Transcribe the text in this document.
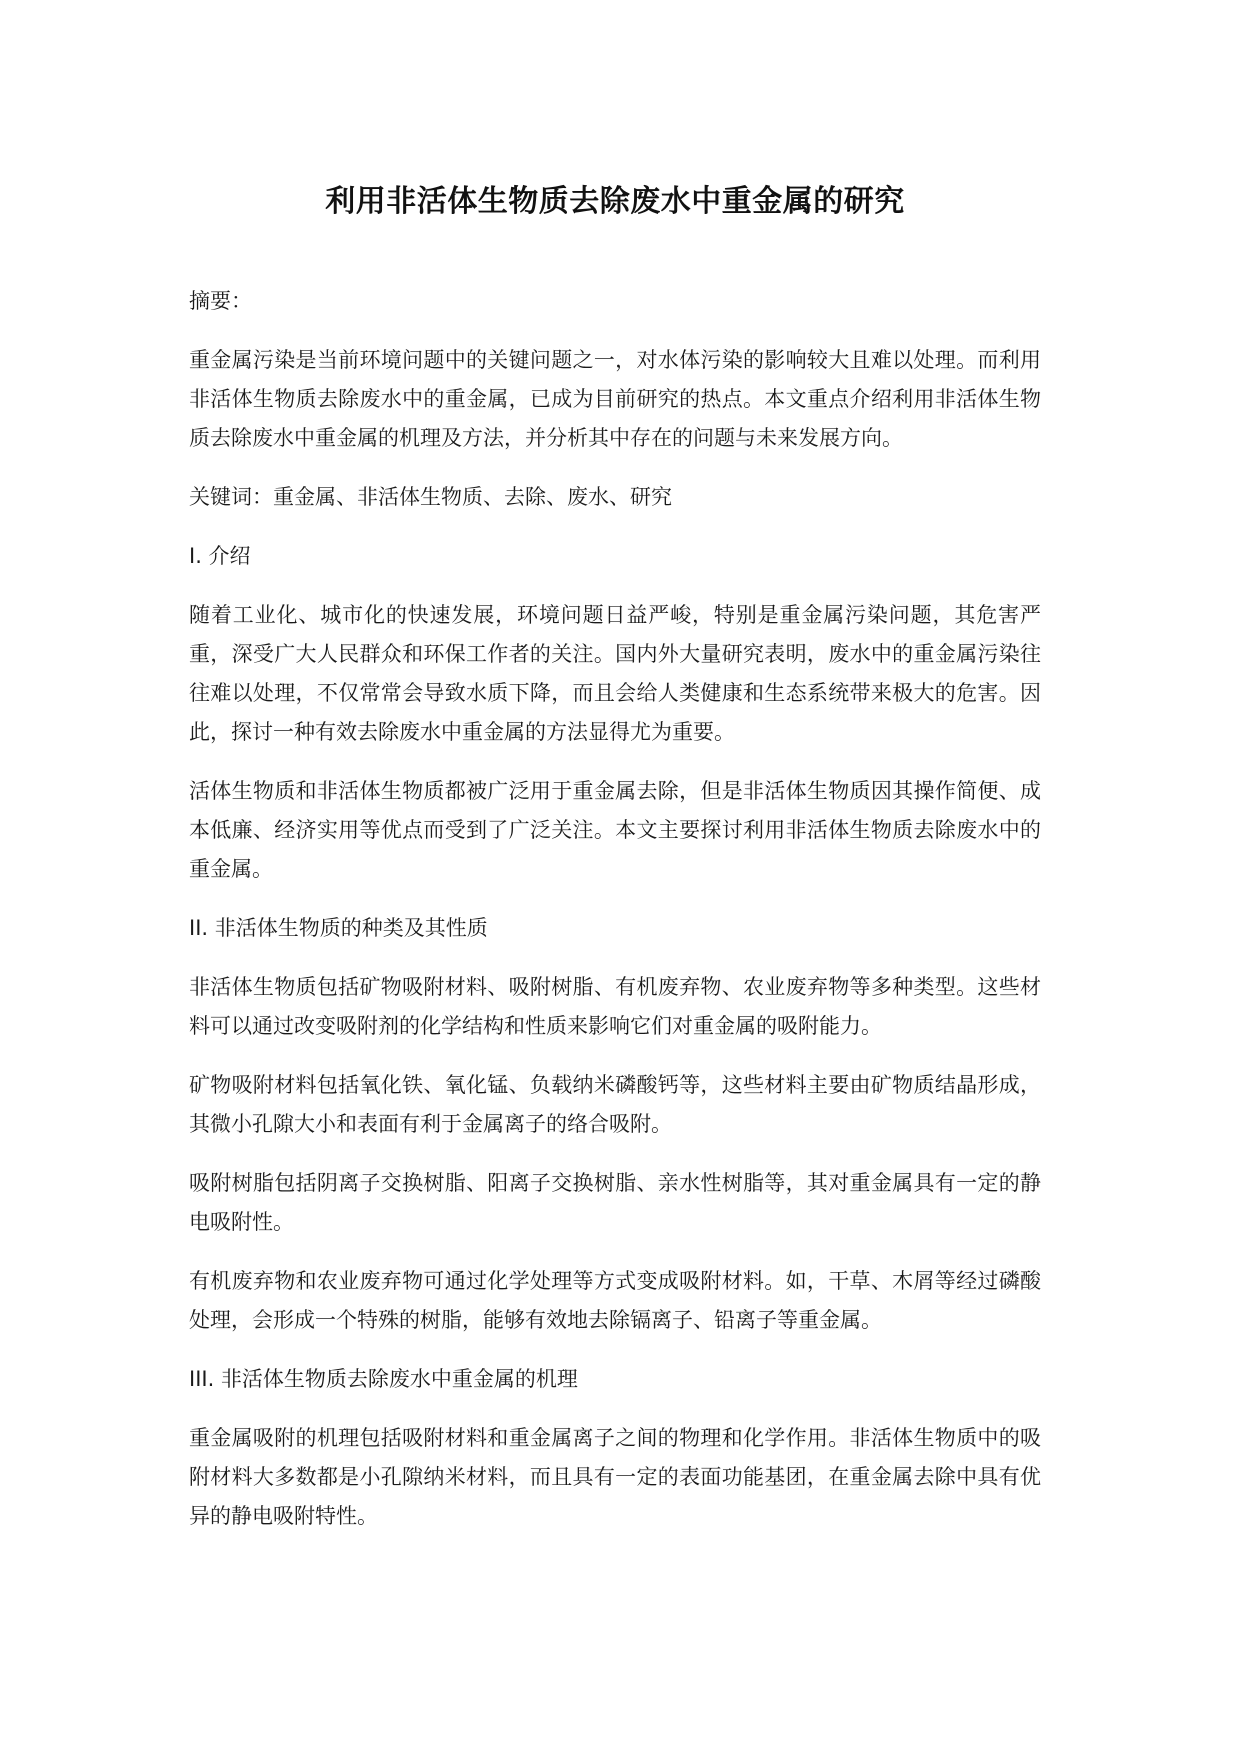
利用非活体生物质去除废水中重金属的研究

摘要：

重金属污染是当前环境问题中的关键问题之一，对水体污染的影响较大且难以处理。而利用非活体生物质去除废水中的重金属，已成为目前研究的热点。本文重点介绍利用非活体生物质去除废水中重金属的机理及方法，并分析其中存在的问题与未来发展方向。

关键词：重金属、非活体生物质、去除、废水、研究

I. 介绍

随着工业化、城市化的快速发展，环境问题日益严峻，特别是重金属污染问题，其危害严重，深受广大人民群众和环保工作者的关注。国内外大量研究表明，废水中的重金属污染往往难以处理，不仅常常会导致水质下降，而且会给人类健康和生态系统带来极大的危害。因此，探讨一种有效去除废水中重金属的方法显得尤为重要。

活体生物质和非活体生物质都被广泛用于重金属去除，但是非活体生物质因其操作简便、成本低廉、经济实用等优点而受到了广泛关注。本文主要探讨利用非活体生物质去除废水中的重金属。

II. 非活体生物质的种类及其性质

非活体生物质包括矿物吸附材料、吸附树脂、有机废弃物、农业废弃物等多种类型。这些材料可以通过改变吸附剂的化学结构和性质来影响它们对重金属的吸附能力。

矿物吸附材料包括氧化铁、氧化锰、负载纳米磷酸钙等，这些材料主要由矿物质结晶形成，其微小孔隙大小和表面有利于金属离子的络合吸附。

吸附树脂包括阴离子交换树脂、阳离子交换树脂、亲水性树脂等，其对重金属具有一定的静电吸附性。

有机废弃物和农业废弃物可通过化学处理等方式变成吸附材料。如，干草、木屑等经过磷酸处理，会形成一个特殊的树脂，能够有效地去除镉离子、铅离子等重金属。

III. 非活体生物质去除废水中重金属的机理

重金属吸附的机理包括吸附材料和重金属离子之间的物理和化学作用。非活体生物质中的吸附材料大多数都是小孔隙纳米材料，而且具有一定的表面功能基团，在重金属去除中具有优异的静电吸附特性。
